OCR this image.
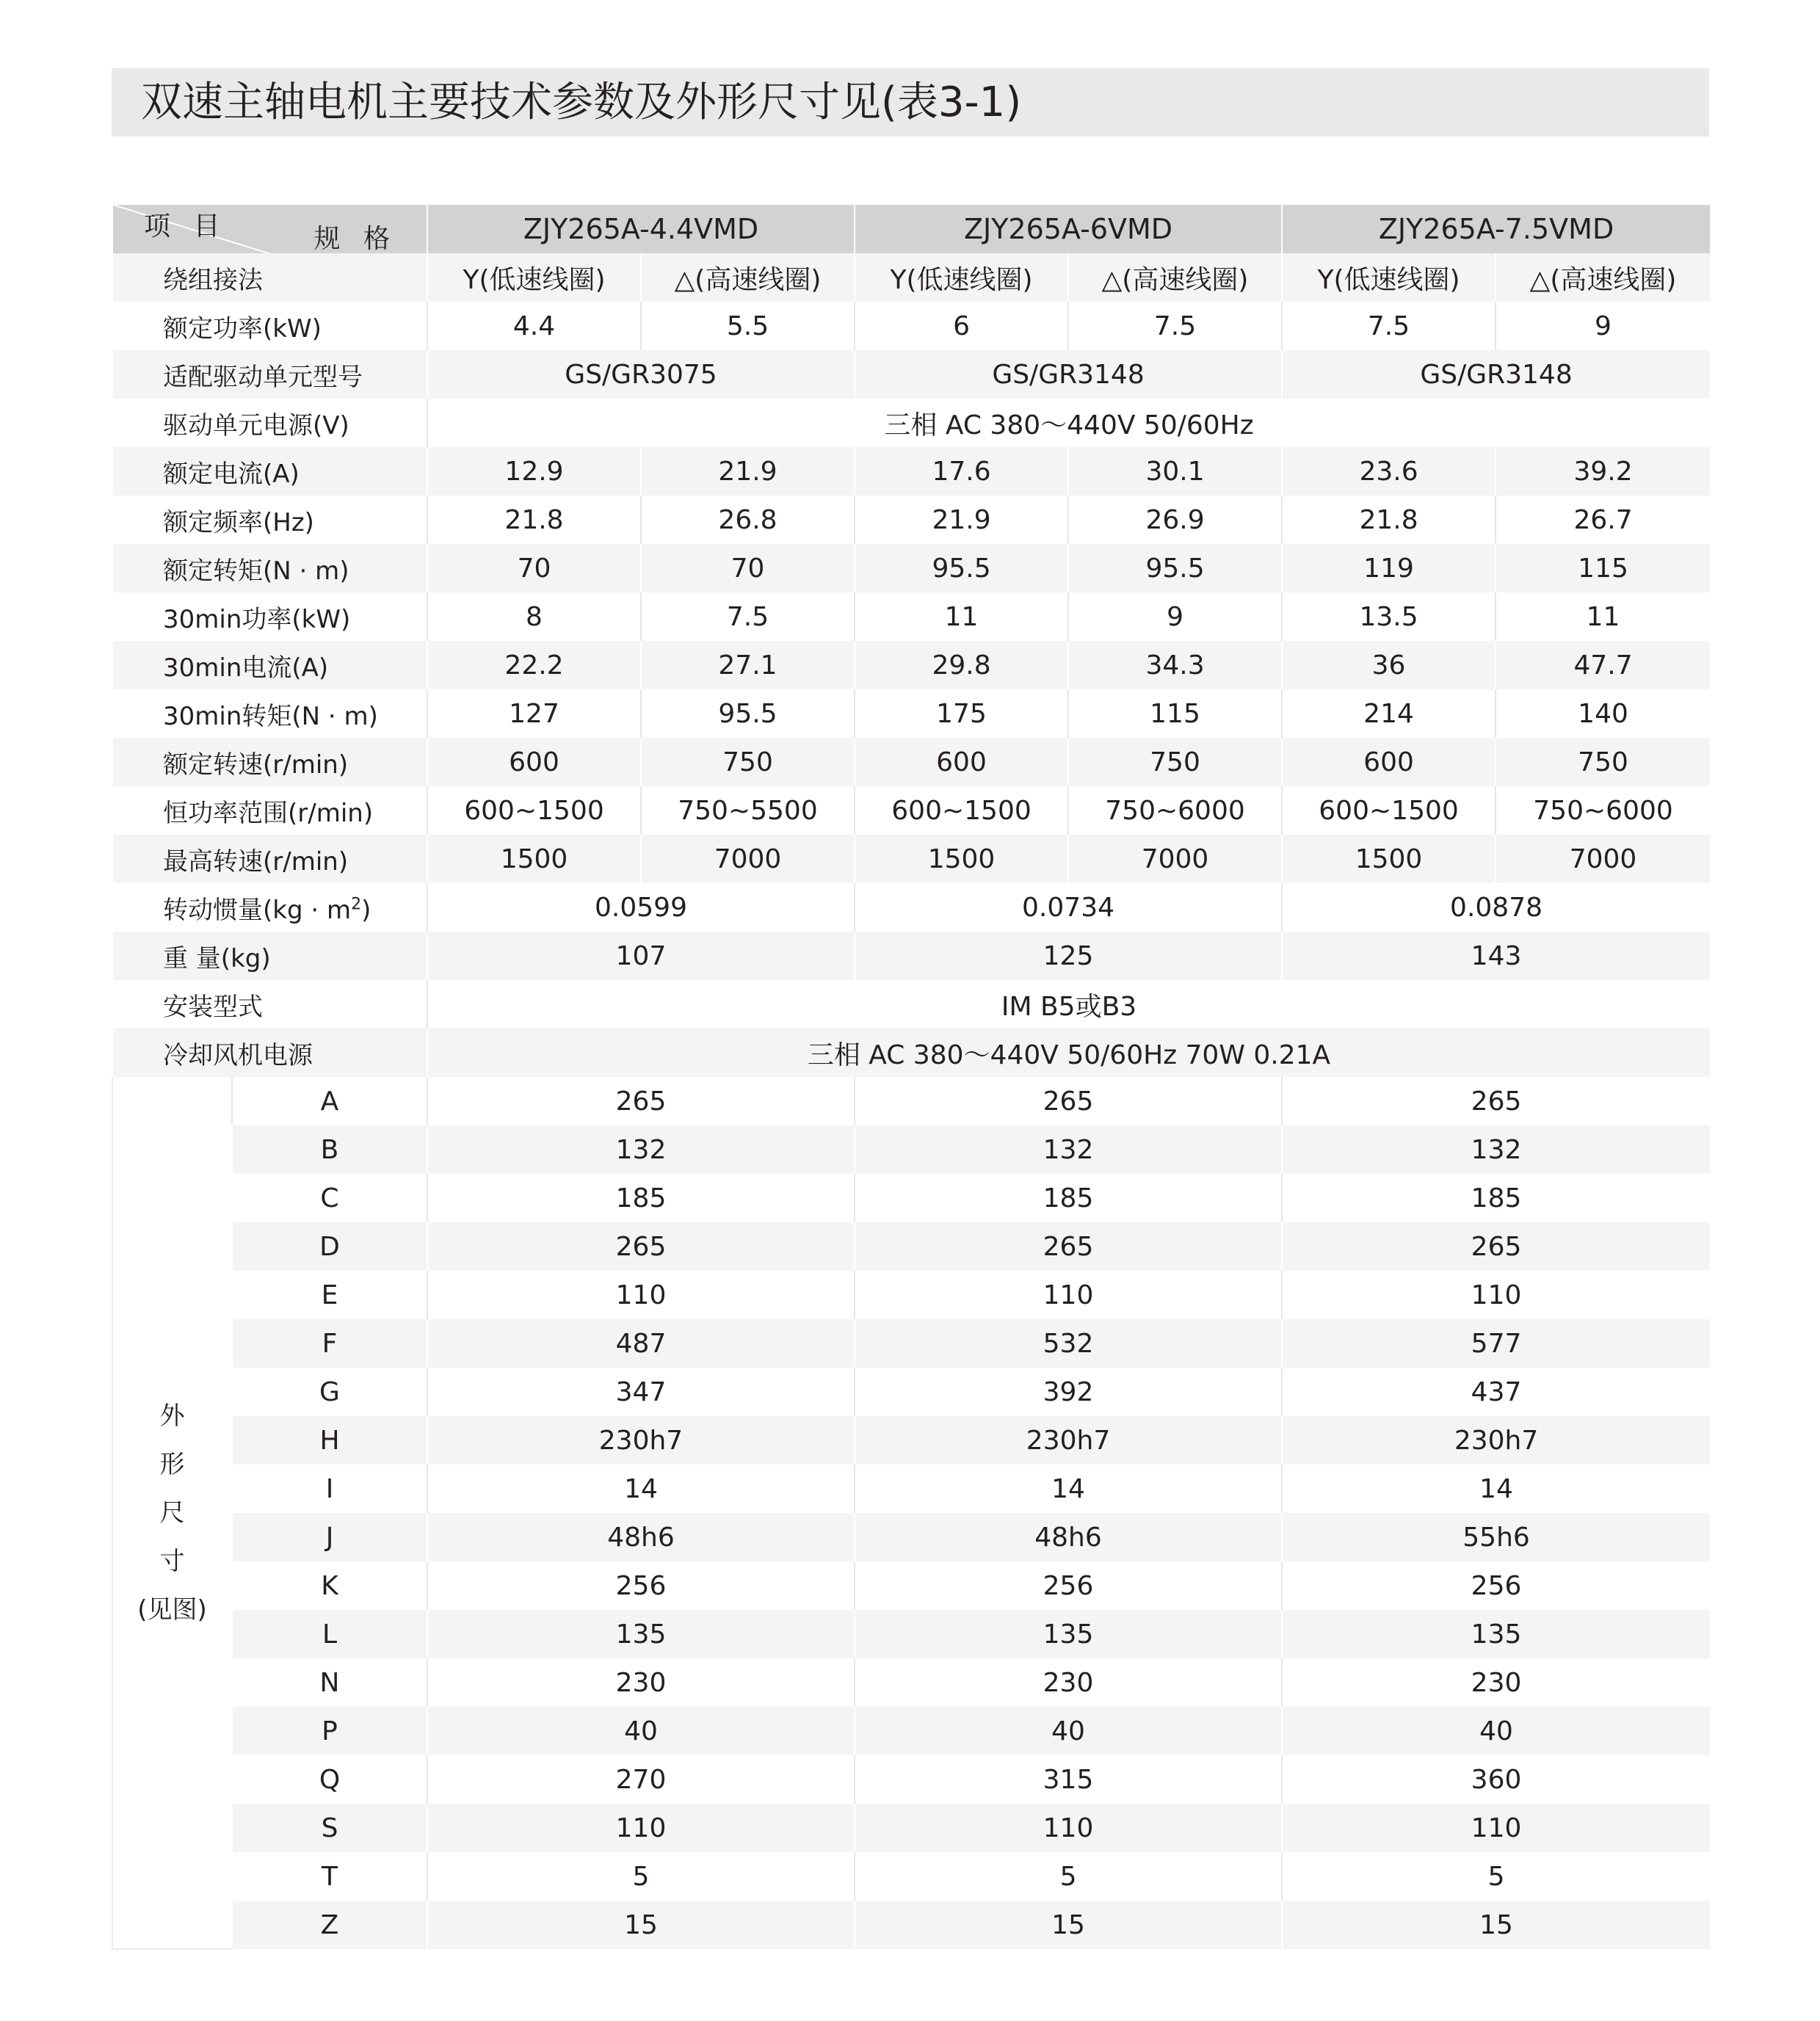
双速主轴电机主要技术参数及外形尺寸见(表3-1)
规 格
项 目		ZJY265A-4.4VMD		ZJY265A-6VMD		ZJY265A-7.5VMD	
绕组接法		Y(低速线圈)	△(高速线圈)	Y(低速线圈)	△(高速线圈)	Y(低速线圈)	△(高速线圈)
额定功率(kW)		4.4	5.5	6	7.5	7.5	9
适配驱动单元型号		GS/GR3075		GS/GR3148		GS/GR3148	
驱动单元电源(V)		三相 AC 380～440V 50/60Hz					
额定电流(A)		12.9	21.9	17.6	30.1	23.6	39.2
额定频率(Hz)		21.8	26.8	21.9	26.9	21.8	26.7
额定转矩(N · m)		70	70	95.5	95.5	119	115
30min功率(kW)		8	7.5	11	9	13.5	11
30min电流(A)		22.2	27.1	29.8	34.3	36	47.7
30min转矩(N · m)		127	95.5	175	115	214	140
额定转速(r/min)		600	750	600	750	600	750
恒功率范围(r/min)		600~1500	750~5500	600~1500	750~6000	600~1500	750~6000
最高转速(r/min)		1500	7000	1500	7000	1500	7000
转动惯量$(kg \cdot m^2)$		0.0599		0.0734		0.0878	
重 量(kg)		107		125		143	
安装型式		IM B5或B3					
冷却风机电源		三相 AC 380～440V 50/60Hz 70W 0.21A					

外
形
尺
寸
(见图)	A	265		265		265	
	B	132		132		132	
	C	185		185		185	
	D	265		265		265	
	E	110		110		110	
	F	487		532		577	
	G	347		392		437	
	H	230h7		230h7		230h7	
	I	14		14		14	
	J	48h6		48h6		55h6	
	K	256		256		256	
	L	135		135		135	
	N	230		230		230	
	P	40		40		40	
	Q	270		315		360	
	S	110		110		110	
	T	5		5		5	
	Z	15		15		15	
